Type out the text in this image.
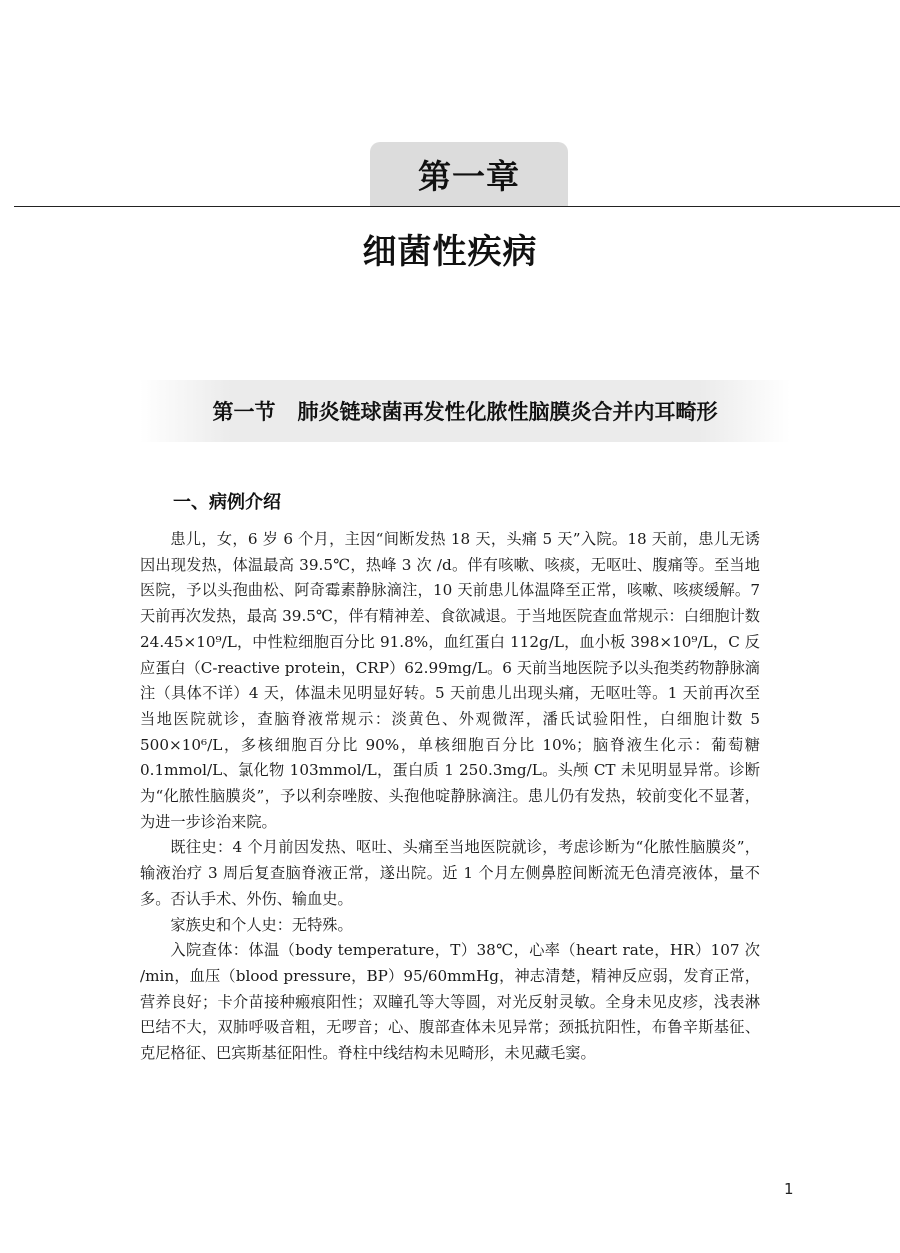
第一章
细菌性疾病
第一节 肺炎链球菌再发性化脓性脑膜炎合并内耳畸形
一、病例介绍

患儿，女，6 岁 6 个月，主因“间断发热 18 天，头痛 5 天”入院。18 天前，患儿无诱因出现发热，体温最高 39.5℃，热峰 3 次 /d。伴有咳嗽、咳痰，无呕吐、腹痛等。至当地医院，予以头孢曲松、阿奇霉素静脉滴注，10 天前患儿体温降至正常，咳嗽、咳痰缓解。7 天前再次发热，最高 39.5℃，伴有精神差、食欲减退。于当地医院查血常规示：白细胞计数 24.45×10⁹/L，中性粒细胞百分比 91.8%，血红蛋白 112g/L，血小板 398×10⁹/L，C 反应蛋白（C-reactive protein，CRP）62.99mg/L。6 天前当地医院予以头孢类药物静脉滴注（具体不详）4 天，体温未见明显好转。5 天前患儿出现头痛，无呕吐等。1 天前再次至当地医院就诊，查脑脊液常规示：淡黄色、外观微浑，潘氏试验阳性，白细胞计数 5 500×10⁶/L，多核细胞百分比 90%，单核细胞百分比 10%；脑脊液生化示：葡萄糖 0.1mmol/L、氯化物 103mmol/L，蛋白质 1 250.3mg/L。头颅 CT 未见明显异常。诊断为“化脓性脑膜炎”，予以利奈唑胺、头孢他啶静脉滴注。患儿仍有发热，较前变化不显著，为进一步诊治来院。

既往史：4 个月前因发热、呕吐、头痛至当地医院就诊，考虑诊断为“化脓性脑膜炎”，输液治疗 3 周后复查脑脊液正常，遂出院。近 1 个月左侧鼻腔间断流无色清亮液体，量不多。否认手术、外伤、输血史。

家族史和个人史：无特殊。

入院查体：体温（body temperature，T）38℃，心率（heart rate，HR）107 次 /min，血压（blood pressure，BP）95/60mmHg，神志清楚，精神反应弱，发育正常，营养良好；卡介苗接种瘢痕阳性；双瞳孔等大等圆，对光反射灵敏。全身未见皮疹，浅表淋巴结不大，双肺呼吸音粗，无啰音；心、腹部查体未见异常；颈抵抗阳性，布鲁辛斯基征、克尼格征、巴宾斯基征阳性。脊柱中线结构未见畸形，未见藏毛窦。

1
